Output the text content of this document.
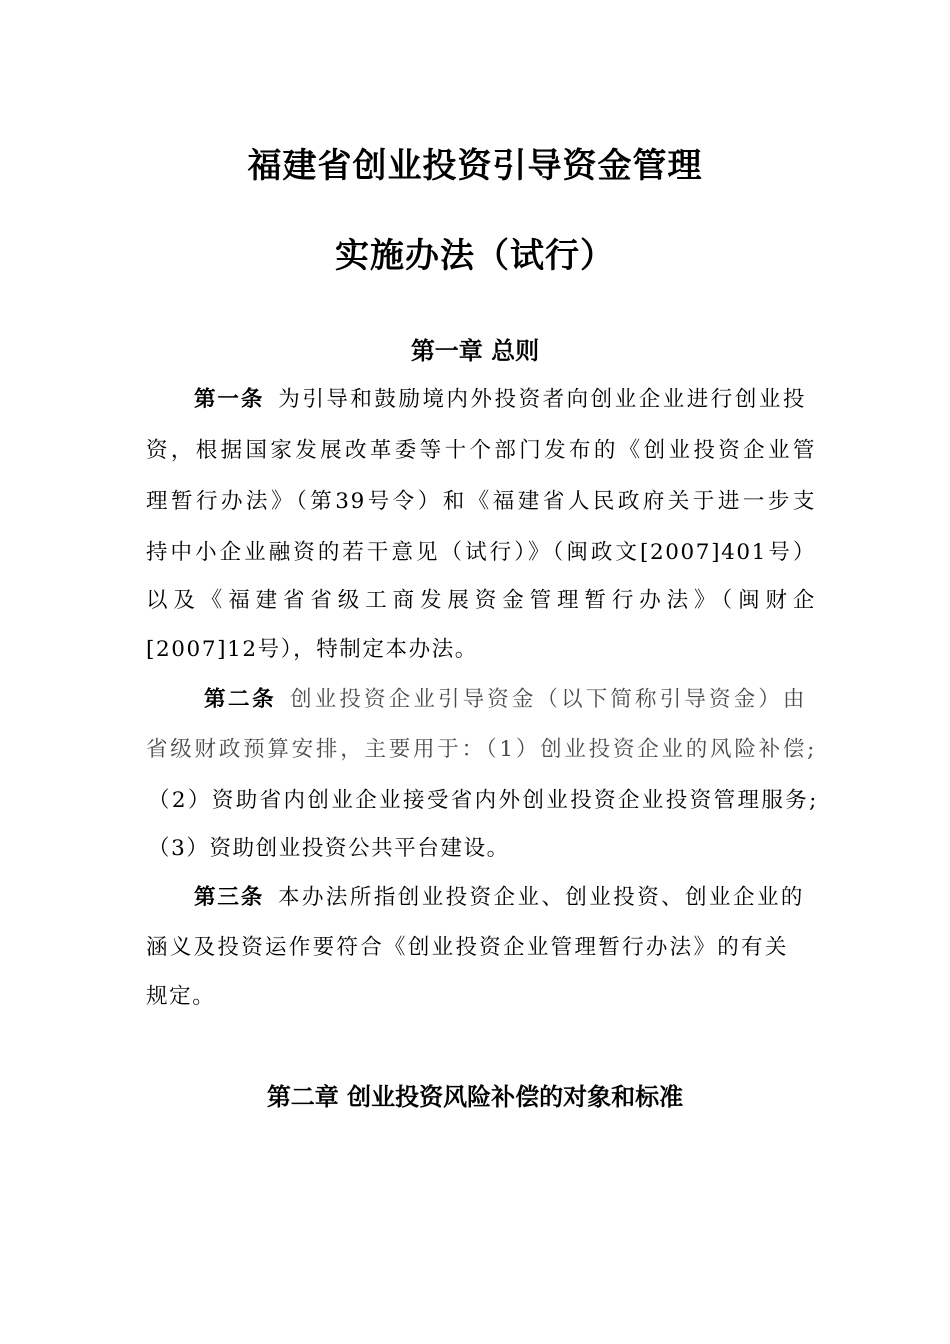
福建省创业投资引导资金管理
实施办法（试行）
第一章 总则

第一条 为引导和鼓励境内外投资者向创业企业进行创业投

资，根据国家发展改革委等十个部门发布的《创业投资企业管

理暂行办法》（第39号令）和《福建省人民政府关于进一步支

持中小企业融资的若干意见（试行）》（闽政文[2007]401号）

以及《福建省省级工商发展资金管理暂行办法》（闽财企

[2007]12号），特制定本办法。

第二条 创业投资企业引导资金（以下简称引导资金）由

省级财政预算安排，主要用于：（1）创业投资企业的风险补偿;

（2）资助省内创业企业接受省内外创业投资企业投资管理服务;

（3）资助创业投资公共平台建设。

第三条 本办法所指创业投资企业、创业投资、创业企业的

涵义及投资运作要符合《创业投资企业管理暂行办法》的有关

规定。

第二章 创业投资风险补偿的对象和标准
